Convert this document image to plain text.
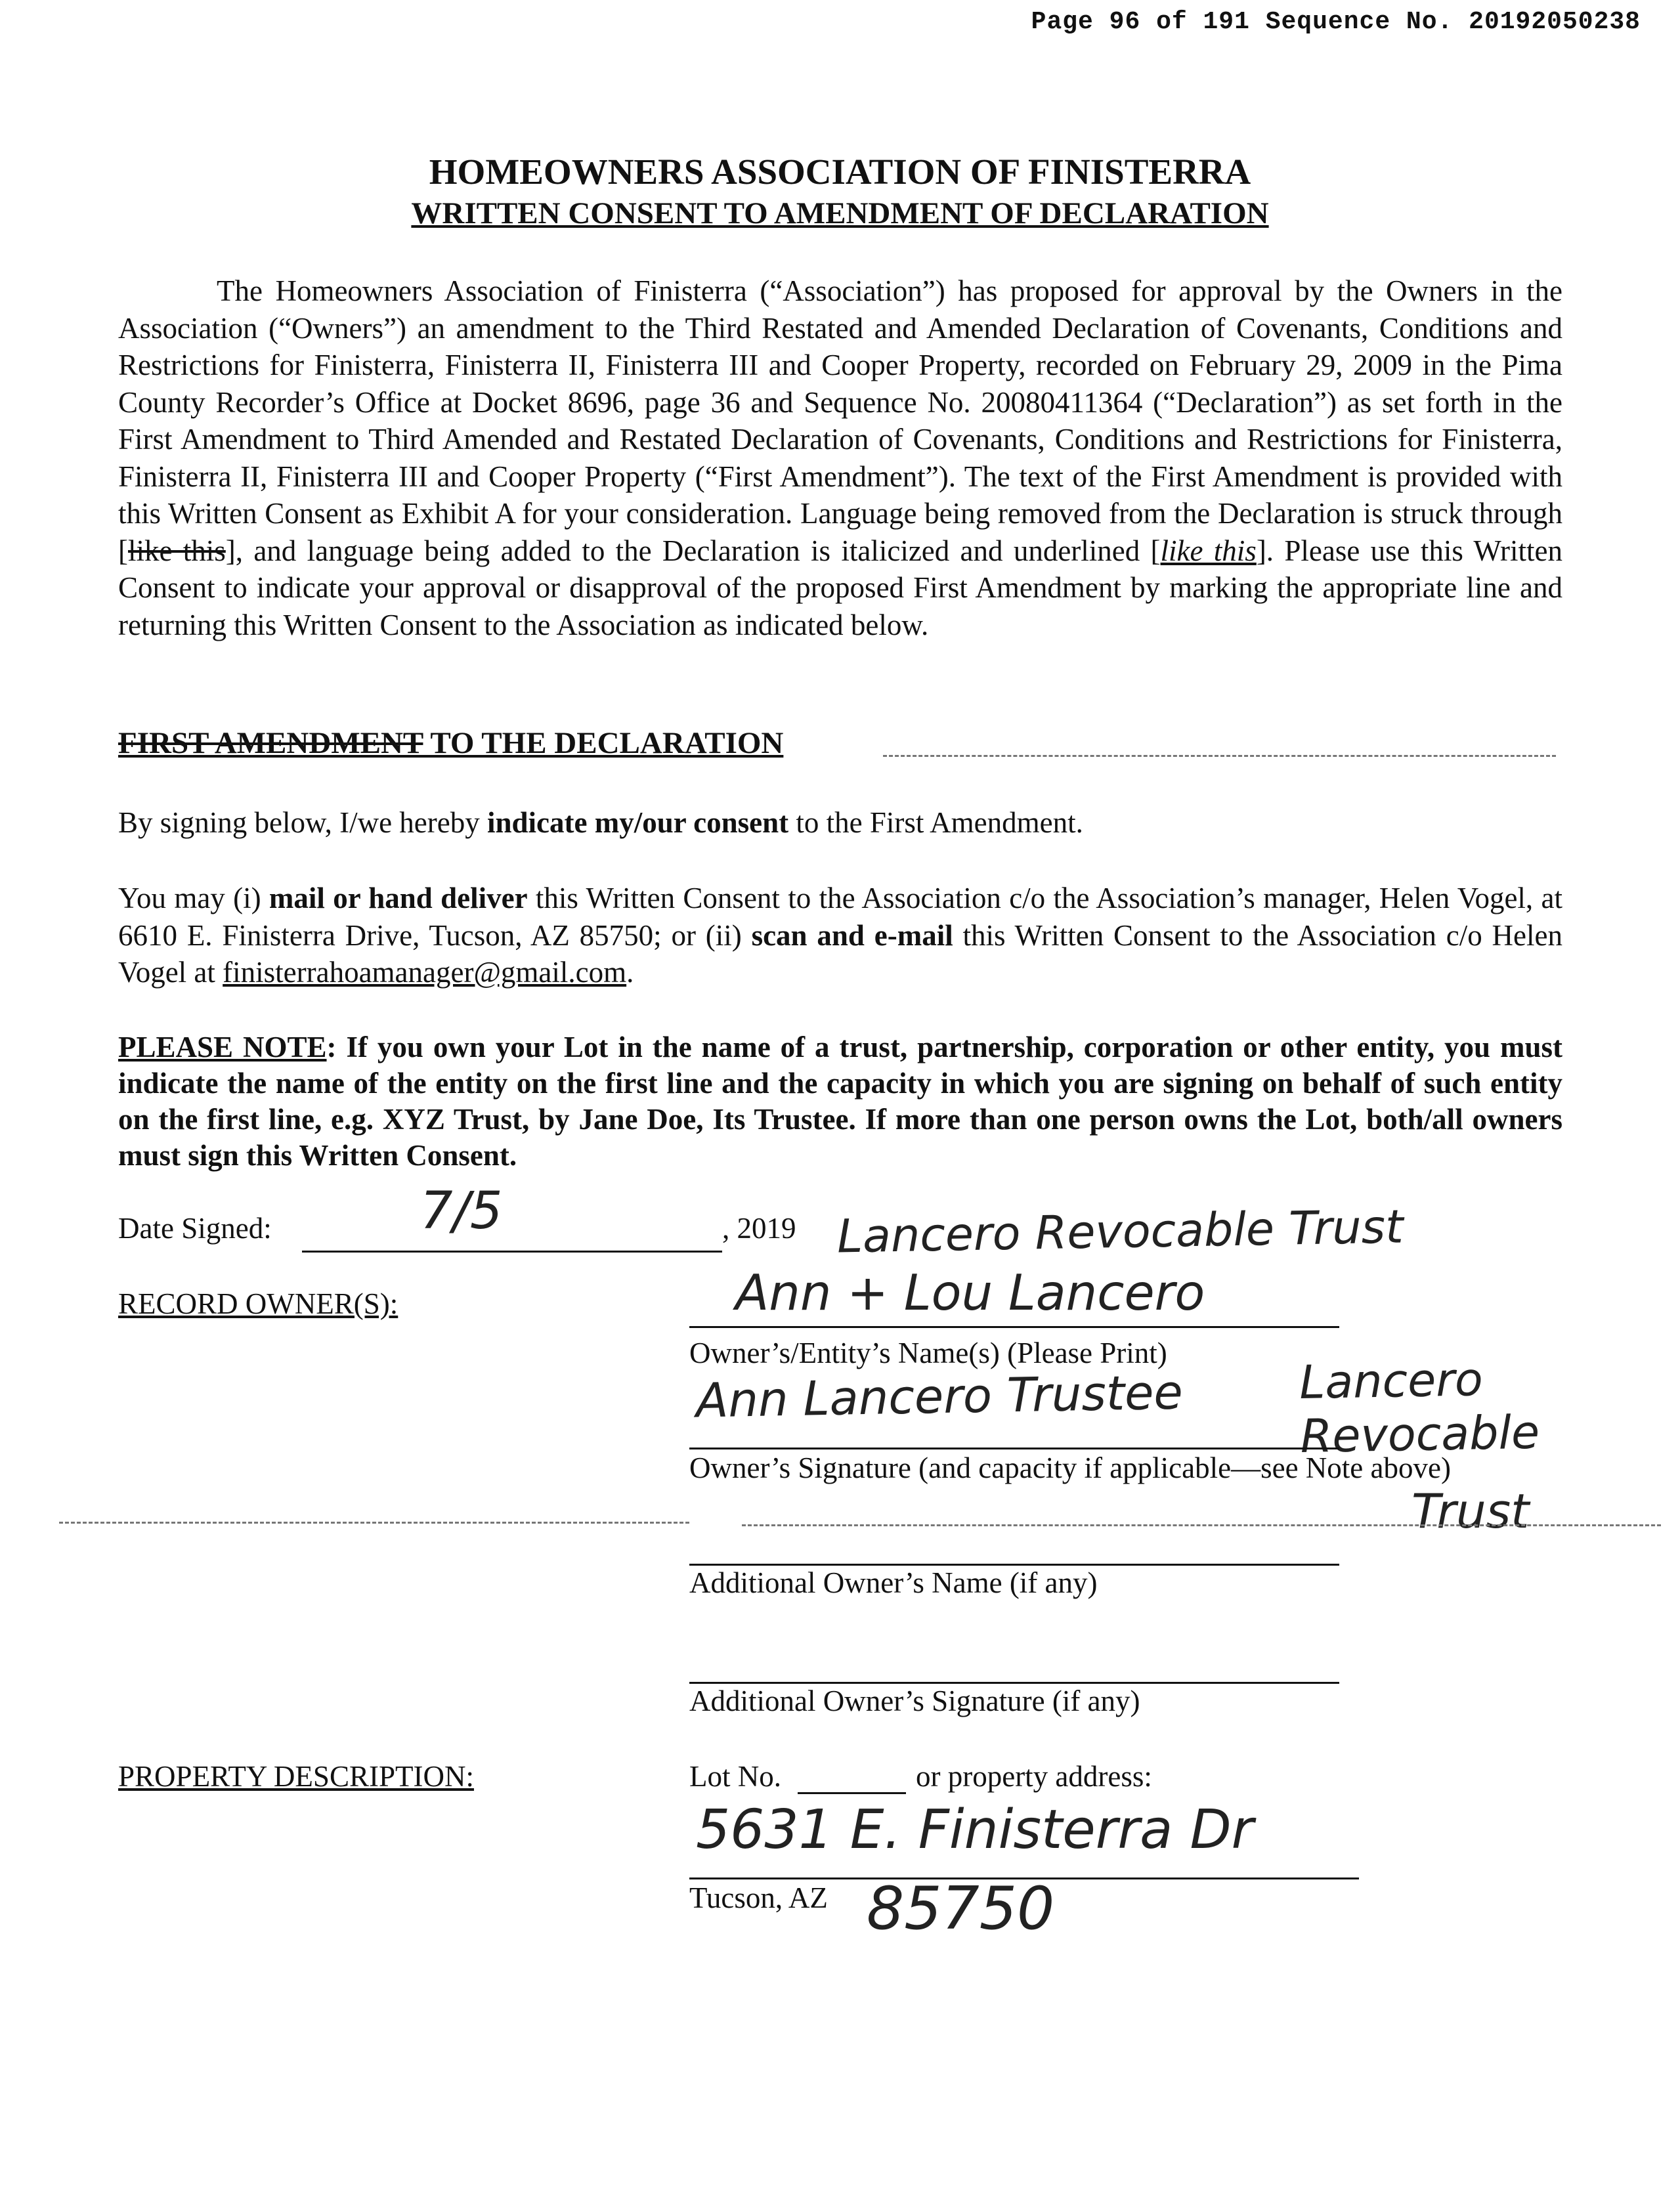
Page 96 of 191 Sequence No. 20192050238
HOMEOWNERS ASSOCIATION OF FINISTERRA
WRITTEN CONSENT TO AMENDMENT OF DECLARATION

The Homeowners Association of Finisterra (“Association”) has proposed for approval by the Owners in the Association (“Owners”) an amendment to the Third Restated and Amended Declaration of Covenants, Conditions and Restrictions for Finisterra, Finisterra II, Finisterra III and Cooper Property, recorded on February 29, 2009 in the Pima County Recorder’s Office at Docket 8696, page 36 and Sequence No. 20080411364 (“Declaration”) as set forth in the First Amendment to Third Amended and Restated Declaration of Covenants, Conditions and Restrictions for Finisterra, Finisterra II, Finisterra III and Cooper Property (“First Amendment”). The text of the First Amendment is provided with this Written Consent as Exhibit A for your consideration. Language being removed from the Declaration is struck through [like this], and language being added to the Declaration is italicized and underlined [like this]. Please use this Written Consent to indicate your approval or disapproval of the proposed First Amendment by marking the appropriate line and returning this Written Consent to the Association as indicated below.

FIRST AMENDMENT TO THE DECLARATION

By signing below, I/we hereby indicate my/our consent to the First Amendment.

You may (i) mail or hand deliver this Written Consent to the Association c/o the Association’s manager, Helen Vogel, at 6610 E. Finisterra Drive, Tucson, AZ 85750; or (ii) scan and e-mail this Written Consent to the Association c/o Helen Vogel at finisterrahoamanager@gmail.com.

PLEASE NOTE: If you own your Lot in the name of a trust, partnership, corporation or other entity, you must indicate the name of the entity on the first line and the capacity in which you are signing on behalf of such entity on the first line, e.g. XYZ Trust, by Jane Doe, Its Trustee. If more than one person owns the Lot, both/all owners must sign this Written Consent.

Date Signed:	7/5	, 2019 Lancero Revocable Trust
RECORD OWNER(S):	Ann + Lou Lancero
Owner’s/Entity’s Name(s) (Please Print)	Lancero Revocable
Ann Lancero Trustee
Owner’s Signature (and capacity if applicable—see Note above)
Trust
Additional Owner’s Name (if any)
Additional Owner’s Signature (if any)
PROPERTY DESCRIPTION:	Lot No.	or property address:
5631 E. Finisterra Dr
Tucson, AZ 85750
